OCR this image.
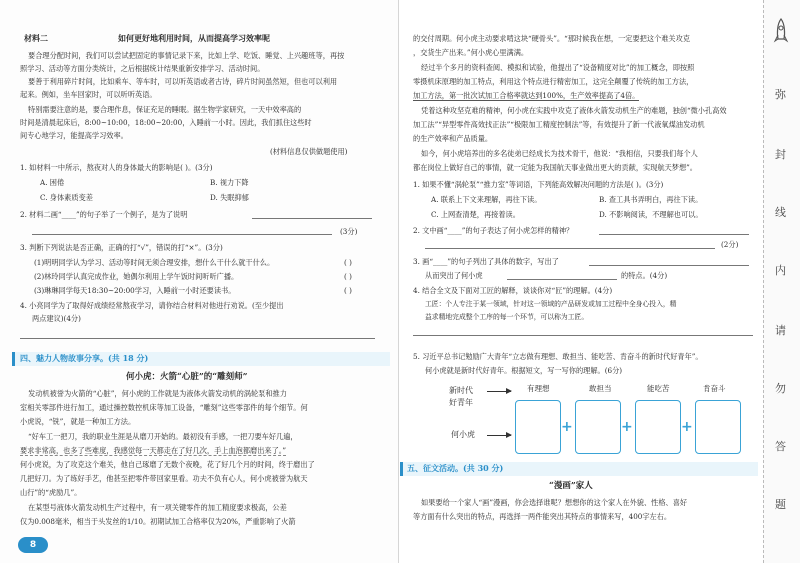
材料二	如何更好地利用时间，从而提高学习效率呢
要合理分配时间，我们可以尝试把固定的事情记录下来，比如上学、吃饭、睡觉、上兴趣班等，再按
照学习、活动等方面分类统计，之后根据统计结果重新安排学习、活动时间。
要善于利用碎片时间，比如乘车、等车时，可以听英语或者古诗，碎片时间虽然短，但也可以利用
起来。例如，坐车回家时，可以听听英语。
特别需要注意的是，要合理作息，保证充足的睡眠。据生物学家研究，一天中效率高的
时间是清晨起床后，8:00~10:00，18:00~20:00，入睡前一小时。因此，我们抓住这些时
间专心地学习，能提高学习效率。
(材料信息仅供做题使用)
1. 如材料一中所示，熬夜对人的身体最大的影响是( )。(3分)
A. 困倦	B. 视力下降
C. 身体素质变差	D. 失眠抑郁
2. 材料二画“____”的句子举了一个例子，是为了说明
(3分)
3. 判断下列说法是否正确，正确的打“√”，错误的打“×”。(3分)
(1)明明同学认为学习、活动等时间无须合理安排，想什么干什么就干什么。	( )
(2)林玲同学认真完成作业，她偶尔利用上学午饭时间听听广播。	( )
(3)琳琳同学每天18:30~20:00学习，入睡前一小时还要读书。	( )
4. 小亮同学为了取得好成绩经常熬夜学习，请你结合材料对他进行劝说。(至少提出
两点建议)(4分)
四、魅力人物故事分享。(共 18 分)
何小虎：火箭“心脏”的“雕刻师”
发动机被誉为火箭的“心脏”，何小虎的工作就是为液体火箭发动机的涡轮泵和推力
室相关零部件进行加工，通过操控数控机床等加工设备，“雕刻”这些零部件的每个细节。何
小虎说，“铣”，就是一种加工方法。
“好车工一把刀，我的职业生涯是从磨刀开始的。最初没有手感，一把刀要车好几遍，
要求非常高，也多了些难度，我感觉每一天都走在了好几次，手上血泡都磨出来了。”
何小虎说，为了攻克这个难关，他自己琢磨了无数个夜晚，花了好几个月的时间，终于磨出了
几把好刀。为了练好手艺，他甚至把零件带回家里看。功夫不负有心人，何小虎被誉为航天
山行”的“虎励几”。
在某型号液体火箭发动机生产过程中，有一项关键零件的加工精度要求极高，公差
仅为0.008毫米，相当于头发丝的1/10。初期试加工合格率仅为20%，严重影响了火箭
8
的交付周期。何小虎主动要求啃这块“硬骨头”。“那时候我在想，一定要把这个难关攻克
，交货生产出来。”何小虎心里满满。
经过半个多月的资料查阅、模拟和试验，他提出了“设备精度对比”的加工概念，即按照
零摄机床原理的加工特点，利用这个特点进行精密加工，这完全颠覆了传统的加工方法，
加工方法，第一批次试加工合格率就达到100%，生产效率提高了4倍。
凭着这种攻坚克难的精神，何小虎在实践中攻克了液体火箭发动机生产的难题，独创“微小孔高效
加工法”“异型零件高效找正法”“极限加工精度控制法”等，有效提升了新一代液氧煤油发动机
的生产效率和产品质量。
如今，何小虎培养出的多名徒弟已经成长为技术骨干，他说：“我相信，只要我们每个人
都在岗位上做好自己的事情，就一定能为我国航天事业做出更大的贡献，实现航天梦想”。
1. 如果不懂“涡轮泵”“推力室”等词语，下列能高效解决问题的方法是( )。(3分)
A. 联系上下文来理解，再往下读。	B. 查工具书弄明白，再往下读。
C. 上网查清楚，再接着读。	D. 不影响阅读，不理解也可以。
2. 文中画“____”的句子表达了何小虎怎样的精神？
(2分)
3. 画“____”的句子列出了具体的数字，写出了
从而突出了何小虎	的特点。(4分)
4. 结合全文及下面对工匠的解释，谈谈你对“匠”的理解。(4分)
工匠：个人专注于某一领域，针对这一领域的产品研发或加工过程中全身心投入，精
益求精地完成整个工序的每一个环节，可以称为工匠。
5. 习近平总书记勉励广大青年“立志做有理想、敢担当、能吃苦、肯奋斗的新时代好青年”。
何小虎就是新时代好青年。根据短文，写一写你的理解。(6分)
新时代
好青年
何小虎
有理想	敢担当	能吃苦	肯奋斗
+	+	+
五、征文活动。(共 30 分)
“漫画”家人
如果要给一个家人“画”漫画，你会选择谁呢？想想你的这个家人在外貌、性格、喜好
等方面有什么突出的特点，再选择一两件能突出其特点的事情来写，400字左右。
弥
封
线
内
请
勿
答
题
